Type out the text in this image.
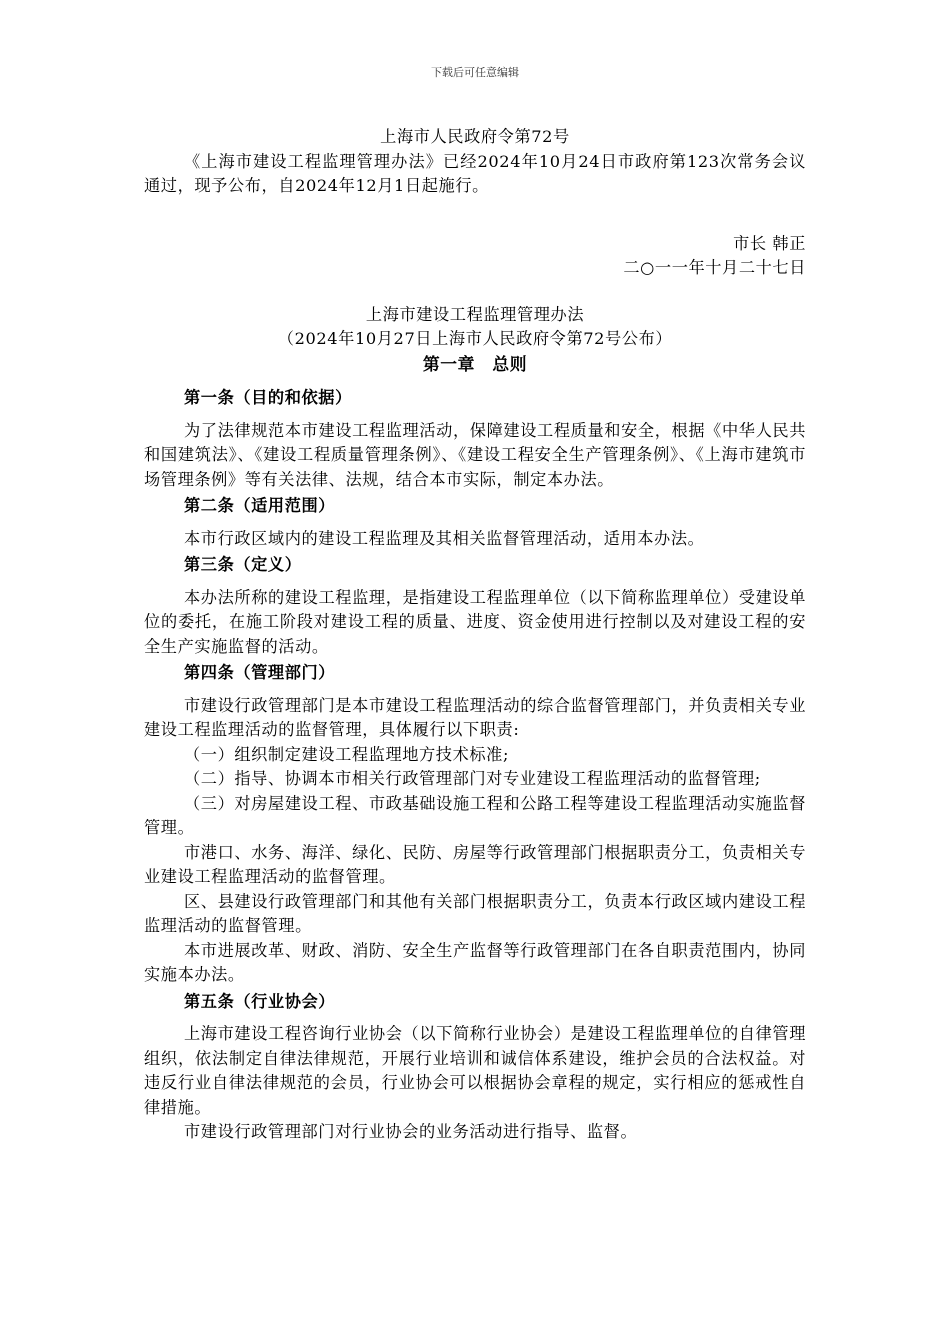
下载后可任意编辑

上海市人民政府令第72号

《上海市建设工程监理管理办法》已经2024年10月24日市政府第123次常务会议通过，现予公布，自2024年12月1日起施行。

市长 韩正

二○一一年十月二十七日

上海市建设工程监理管理办法

（2024年10月27日上海市人民政府令第72号公布）

第一章　总则

第一条（目的和依据）

为了法律规范本市建设工程监理活动，保障建设工程质量和安全，根据《中华人民共和国建筑法》、《建设工程质量管理条例》、《建设工程安全生产管理条例》、《上海市建筑市场管理条例》等有关法律、法规，结合本市实际，制定本办法。

第二条（适用范围）

本市行政区域内的建设工程监理及其相关监督管理活动，适用本办法。

第三条（定义）

本办法所称的建设工程监理，是指建设工程监理单位（以下简称监理单位）受建设单位的委托，在施工阶段对建设工程的质量、进度、资金使用进行控制以及对建设工程的安全生产实施监督的活动。

第四条（管理部门）

市建设行政管理部门是本市建设工程监理活动的综合监督管理部门，并负责相关专业建设工程监理活动的监督管理，具体履行以下职责:

（一）组织制定建设工程监理地方技术标准;

（二）指导、协调本市相关行政管理部门对专业建设工程监理活动的监督管理;

（三）对房屋建设工程、市政基础设施工程和公路工程等建设工程监理活动实施监督管理。

市港口、水务、海洋、绿化、民防、房屋等行政管理部门根据职责分工，负责相关专业建设工程监理活动的监督管理。

区、县建设行政管理部门和其他有关部门根据职责分工，负责本行政区域内建设工程监理活动的监督管理。

本市进展改革、财政、消防、安全生产监督等行政管理部门在各自职责范围内，协同实施本办法。

第五条（行业协会）

上海市建设工程咨询行业协会（以下简称行业协会）是建设工程监理单位的自律管理组织，依法制定自律法律规范，开展行业培训和诚信体系建设，维护会员的合法权益。对违反行业自律法律规范的会员，行业协会可以根据协会章程的规定，实行相应的惩戒性自律措施。

市建设行政管理部门对行业协会的业务活动进行指导、监督。
